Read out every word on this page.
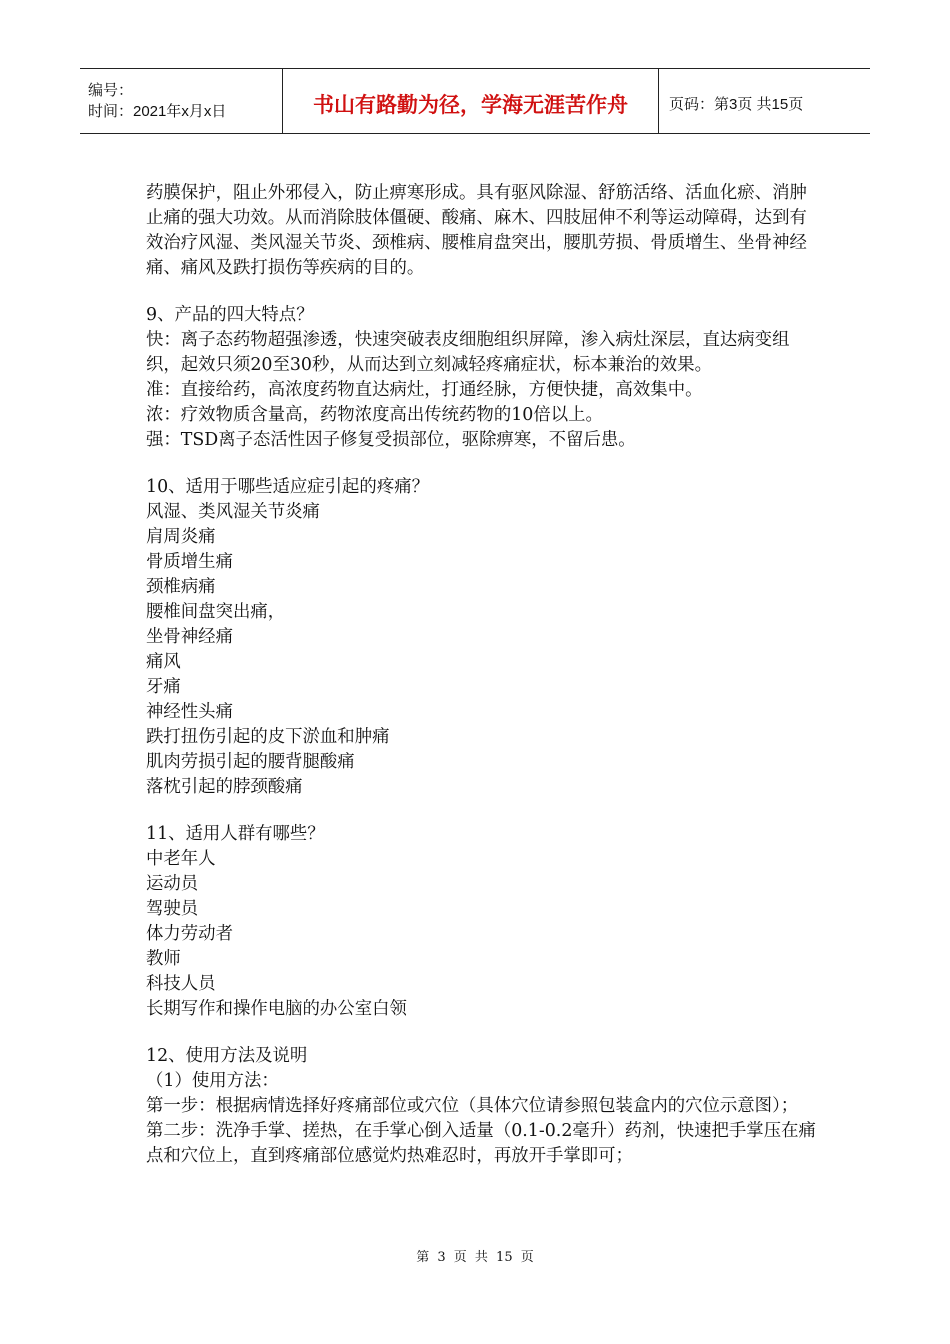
编号：
时间：2021年x月x日	书山有路勤为径，学海无涯苦作舟	页码：第3页 共15页

药膜保护，阻止外邪侵入，防止痹寒形成。具有驱风除湿、舒筋活络、活血化瘀、消肿止痛的强大功效。从而消除肢体僵硬、酸痛、麻木、四肢屈伸不利等运动障碍，达到有效治疗风湿、类风湿关节炎、颈椎病、腰椎肩盘突出，腰肌劳损、骨质增生、坐骨神经痛、痛风及跌打损伤等疾病的目的。

9、产品的四大特点？

快：离子态药物超强渗透，快速突破表皮细胞组织屏障，渗入病灶深层，直达病变组织，起效只须20至30秒，从而达到立刻减轻疼痛症状，标本兼治的效果。

准：直接给药，高浓度药物直达病灶，打通经脉，方便快捷，高效集中。

浓：疗效物质含量高，药物浓度高出传统药物的10倍以上。

强：TSD离子态活性因子修复受损部位，驱除痹寒，不留后患。

10、适用于哪些适应症引起的疼痛？

风湿、类风湿关节炎痛

肩周炎痛

骨质增生痛

颈椎病痛

腰椎间盘突出痛，

坐骨神经痛

痛风

牙痛

神经性头痛

跌打扭伤引起的皮下淤血和肿痛

肌肉劳损引起的腰背腿酸痛

落枕引起的脖颈酸痛

11、适用人群有哪些？

中老年人

运动员

驾驶员

体力劳动者

教师

科技人员

长期写作和操作电脑的办公室白领

12、使用方法及说明

（1）使用方法：

第一步：根据病情选择好疼痛部位或穴位（具体穴位请参照包装盒内的穴位示意图）；

第二步：洗净手掌、搓热，在手掌心倒入适量（0.1-0.2毫升）药剂，快速把手掌压在痛点和穴位上，直到疼痛部位感觉灼热难忍时，再放开手掌即可；

第 3 页 共 15 页
